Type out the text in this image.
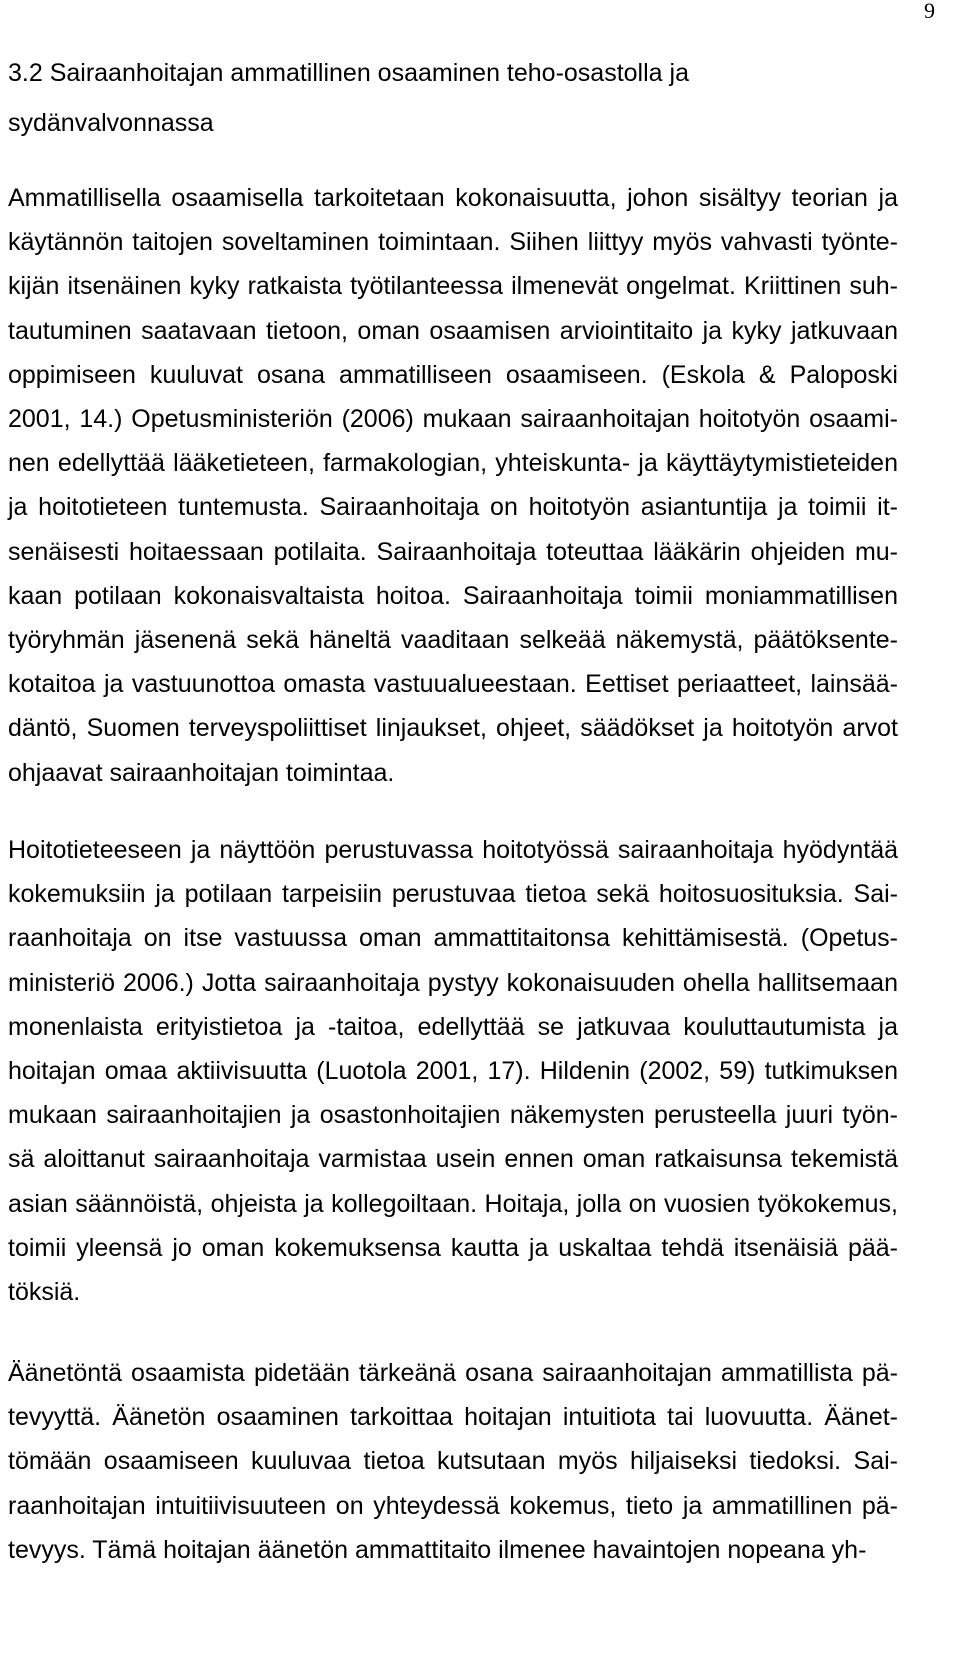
9
3.2 Sairaanhoitajan ammatillinen osaaminen teho-osastolla ja
sydänvalvonnassa
Ammatillisella osaamisella tarkoitetaan kokonaisuutta, johon sisältyy teorian ja
käytännön taitojen soveltaminen toimintaan. Siihen liittyy myös vahvasti työnte-
kijän itsenäinen kyky ratkaista työtilanteessa ilmenevät ongelmat. Kriittinen suh-
tautuminen saatavaan tietoon, oman osaamisen arviointitaito ja kyky jatkuvaan
oppimiseen kuuluvat osana ammatilliseen osaamiseen. (Eskola & Paloposki
2001, 14.) Opetusministeriön (2006) mukaan sairaanhoitajan hoitotyön osaami-
nen edellyttää lääketieteen, farmakologian, yhteiskunta- ja käyttäytymistieteiden
ja hoitotieteen tuntemusta. Sairaanhoitaja on hoitotyön asiantuntija ja toimii it-
senäisesti hoitaessaan potilaita. Sairaanhoitaja toteuttaa lääkärin ohjeiden mu-
kaan potilaan kokonaisvaltaista hoitoa. Sairaanhoitaja toimii moniammatillisen
työryhmän jäsenenä sekä häneltä vaaditaan selkeää näkemystä, päätöksente-
kotaitoa ja vastuunottoa omasta vastuualueestaan. Eettiset periaatteet, lainsää-
däntö, Suomen terveyspoliittiset linjaukset, ohjeet, säädökset ja hoitotyön arvot
ohjaavat sairaanhoitajan toimintaa.
Hoitotieteeseen ja näyttöön perustuvassa hoitotyössä sairaanhoitaja hyödyntää
kokemuksiin ja potilaan tarpeisiin perustuvaa tietoa sekä hoitosuosituksia. Sai-
raanhoitaja on itse vastuussa oman ammattitaitonsa kehittämisestä. (Opetus-
ministeriö 2006.) Jotta sairaanhoitaja pystyy kokonaisuuden ohella hallitsemaan
monenlaista erityistietoa ja -taitoa, edellyttää se jatkuvaa kouluttautumista ja
hoitajan omaa aktiivisuutta (Luotola 2001, 17). Hildenin (2002, 59) tutkimuksen
mukaan sairaanhoitajien ja osastonhoitajien näkemysten perusteella juuri työn-
sä aloittanut sairaanhoitaja varmistaa usein ennen oman ratkaisunsa tekemistä
asian säännöistä, ohjeista ja kollegoiltaan. Hoitaja, jolla on vuosien työkokemus,
toimii yleensä jo oman kokemuksensa kautta ja uskaltaa tehdä itsenäisiä pää-
töksiä.
Äänetöntä osaamista pidetään tärkeänä osana sairaanhoitajan ammatillista pä-
tevyyttä. Äänetön osaaminen tarkoittaa hoitajan intuitiota tai luovuutta. Äänet-
tömään osaamiseen kuuluvaa tietoa kutsutaan myös hiljaiseksi tiedoksi. Sai-
raanhoitajan intuitiivisuuteen on yhteydessä kokemus, tieto ja ammatillinen pä-
tevyys. Tämä hoitajan äänetön ammattitaito ilmenee havaintojen nopeana yh-
